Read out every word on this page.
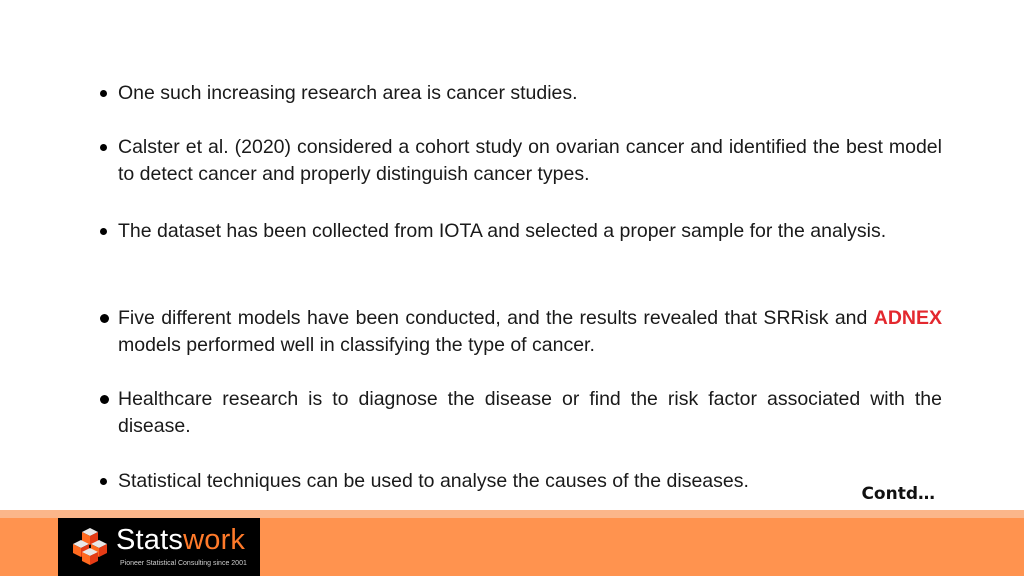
One such increasing research area is cancer studies.
Calster et al. (2020) considered a cohort study on ovarian cancer and identified the best model to detect cancer and properly distinguish cancer types.
The dataset has been collected from IOTA and selected a proper sample for the analysis.
Five different models have been conducted, and the results revealed that SRRisk and ADNEX models performed well in classifying the type of cancer.
Healthcare research is to diagnose the disease or find the risk factor associated with the disease.
Statistical techniques can be used to analyse the causes of the diseases.
Contd…
Statswork
Pioneer Statistical Consulting since 2001
